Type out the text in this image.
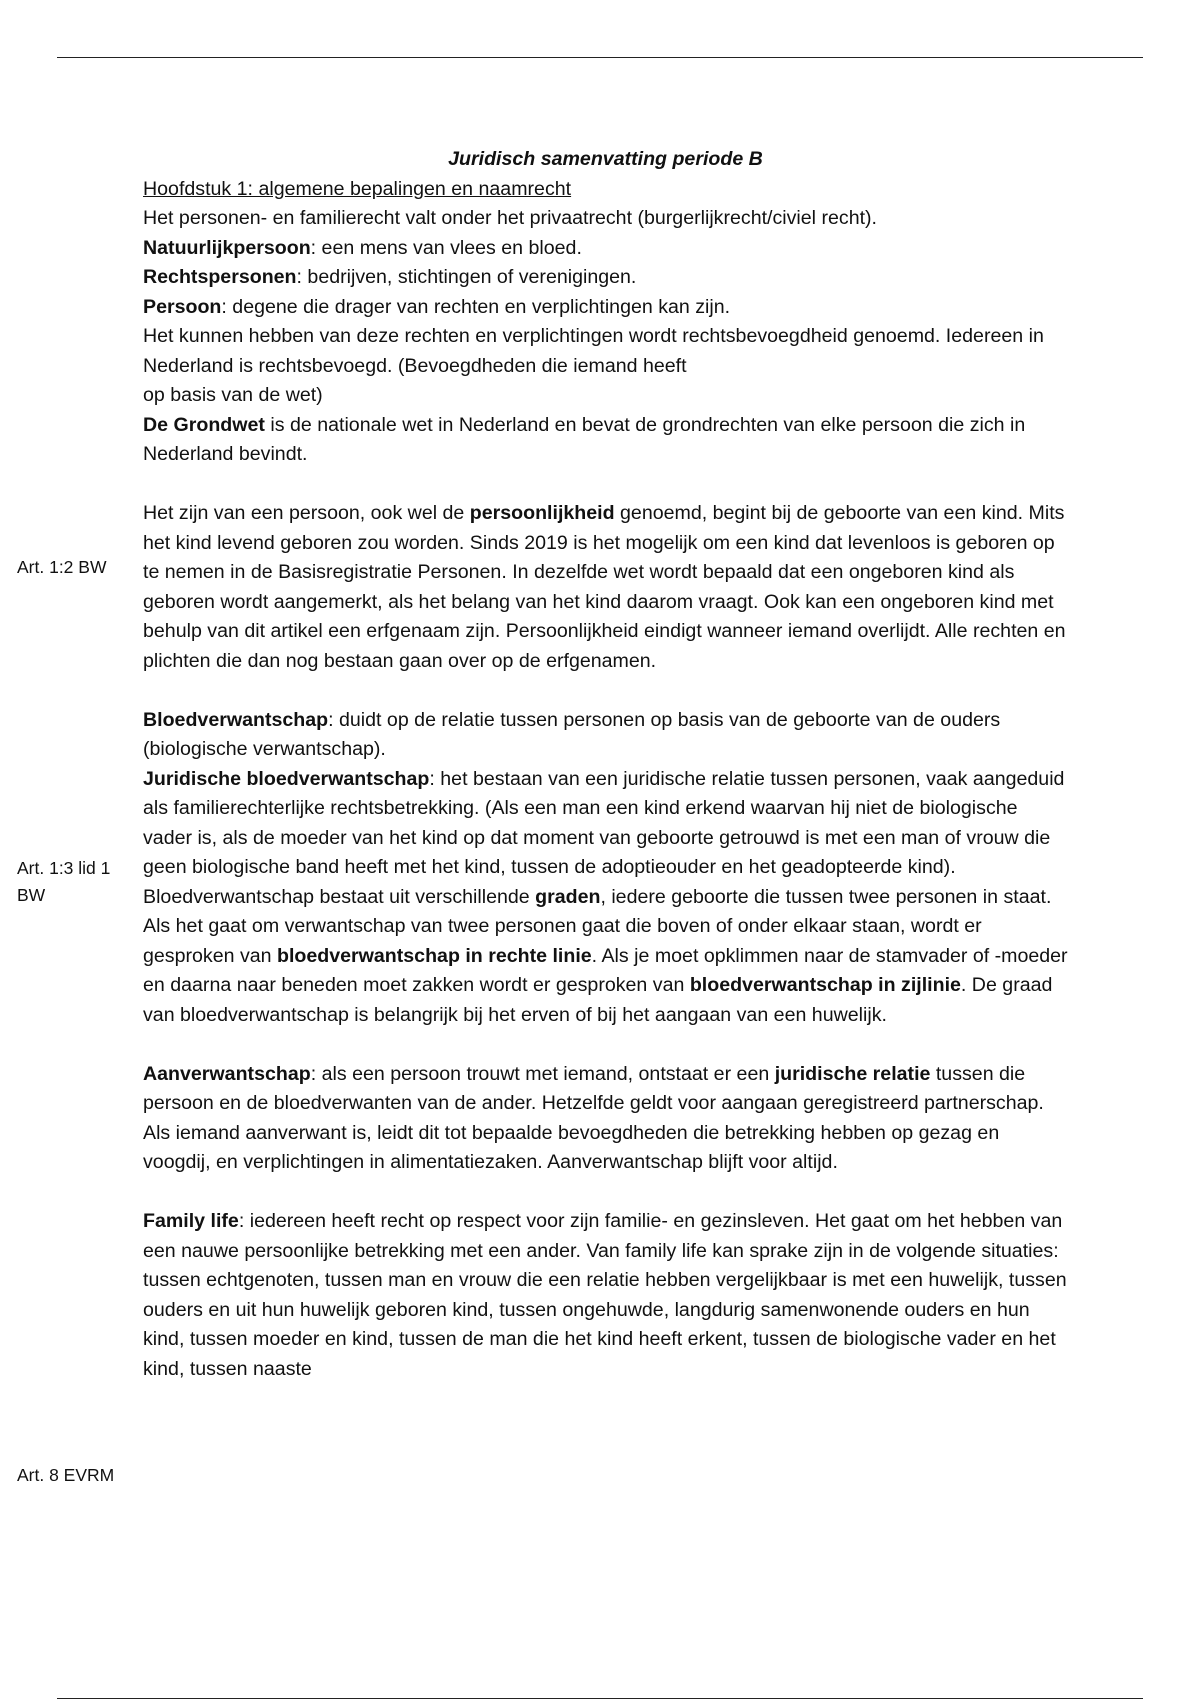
Art. 1:2 BW
Art. 1:3 lid 1 BW
Art. 8 EVRM

Juridisch samenvatting periode B

Hoofdstuk 1: algemene bepalingen en naamrecht

Het personen- en familierecht valt onder het privaatrecht (burgerlijkrecht/civiel recht).

Natuurlijkpersoon: een mens van vlees en bloed.

Rechtspersonen: bedrijven, stichtingen of verenigingen.

Persoon: degene die drager van rechten en verplichtingen kan zijn.

Het kunnen hebben van deze rechten en verplichtingen wordt rechtsbevoegdheid genoemd. Iedereen in Nederland is rechtsbevoegd. (Bevoegdheden die iemand heeft

op basis van de wet)

De Grondwet is de nationale wet in Nederland en bevat de grondrechten van elke persoon die zich in Nederland bevindt.

Het zijn van een persoon, ook wel de persoonlijkheid genoemd, begint bij de geboorte van een kind. Mits het kind levend geboren zou worden. Sinds 2019 is het mogelijk om een kind dat levenloos is geboren op te nemen in de Basisregistratie Personen. In dezelfde wet wordt bepaald dat een ongeboren kind als geboren wordt aangemerkt, als het belang van het kind daarom vraagt. Ook kan een ongeboren kind met behulp van dit artikel een erfgenaam zijn. Persoonlijkheid eindigt wanneer iemand overlijdt. Alle rechten en plichten die dan nog bestaan gaan over op de erfgenamen.

Bloedverwantschap: duidt op de relatie tussen personen op basis van de geboorte van de ouders (biologische verwantschap).

Juridische bloedverwantschap: het bestaan van een juridische relatie tussen personen, vaak aangeduid als familierechterlijke rechtsbetrekking. (Als een man een kind erkend waarvan hij niet de biologische vader is, als de moeder van het kind op dat moment van geboorte getrouwd is met een man of vrouw die geen biologische band heeft met het kind, tussen de adoptieouder en het geadopteerde kind).

Bloedverwantschap bestaat uit verschillende graden, iedere geboorte die tussen twee personen in staat. Als het gaat om verwantschap van twee personen gaat die boven of onder elkaar staan, wordt er gesproken van bloedverwantschap in rechte linie. Als je moet opklimmen naar de stamvader of -moeder en daarna naar beneden moet zakken wordt er gesproken van bloedverwantschap in zijlinie. De graad van bloedverwantschap is belangrijk bij het erven of bij het aangaan van een huwelijk.

Aanverwantschap: als een persoon trouwt met iemand, ontstaat er een juridische relatie tussen die persoon en de bloedverwanten van de ander. Hetzelfde geldt voor aangaan geregistreerd partnerschap. Als iemand aanverwant is, leidt dit tot bepaalde bevoegdheden die betrekking hebben op gezag en voogdij, en verplichtingen in alimentatiezaken. Aanverwantschap blijft voor altijd.

Family life: iedereen heeft recht op respect voor zijn familie- en gezinsleven. Het gaat om het hebben van een nauwe persoonlijke betrekking met een ander. Van family life kan sprake zijn in de volgende situaties: tussen echtgenoten, tussen man en vrouw die een relatie hebben vergelijkbaar is met een huwelijk, tussen ouders en uit hun huwelijk geboren kind, tussen ongehuwde, langdurig samenwonende ouders en hun kind, tussen moeder en kind, tussen de man die het kind heeft erkent, tussen de biologische vader en het kind, tussen naaste
